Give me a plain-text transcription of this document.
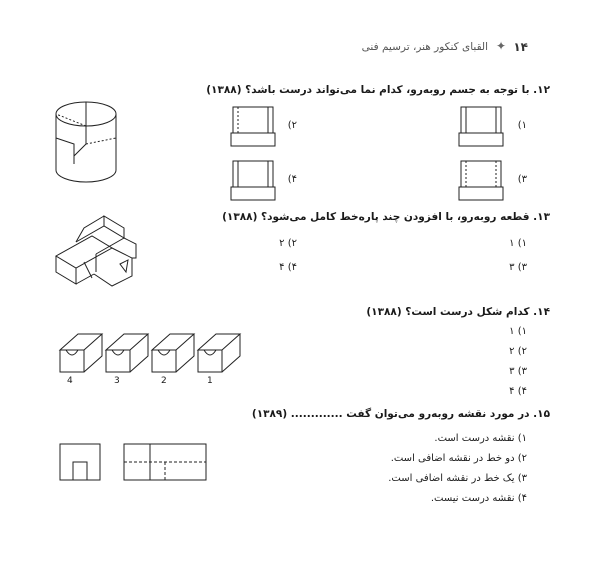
۱۴
✦
القبای کنکور هنر، ترسیم فنی
۱۲. با توجه به جسم روبه‌رو، کدام نما می‌تواند درست باشد؟ (۱۳۸۸)
۱)
۲)
۳)
۴)
۱۳. قطعه روبه‌رو، با افزودن چند پاره‌خط کامل می‌شود؟ (۱۳۸۸)
۱) ۱
۲) ۲
۳) ۳
۴) ۴
۱۴. کدام شکل درست است؟ (۱۳۸۸)
۱) ۱
۲) ۲
۳) ۳
۴) ۴
4	3	2	1
۱۵. در مورد نقشه روبه‌رو می‌توان گفت ............. (۱۳۸۹)
۱) نقشه درست است.
۲) دو خط در نقشه اضافی است.
۳) یک خط در نقشه اضافی است.
۴) نقشه درست نیست.
